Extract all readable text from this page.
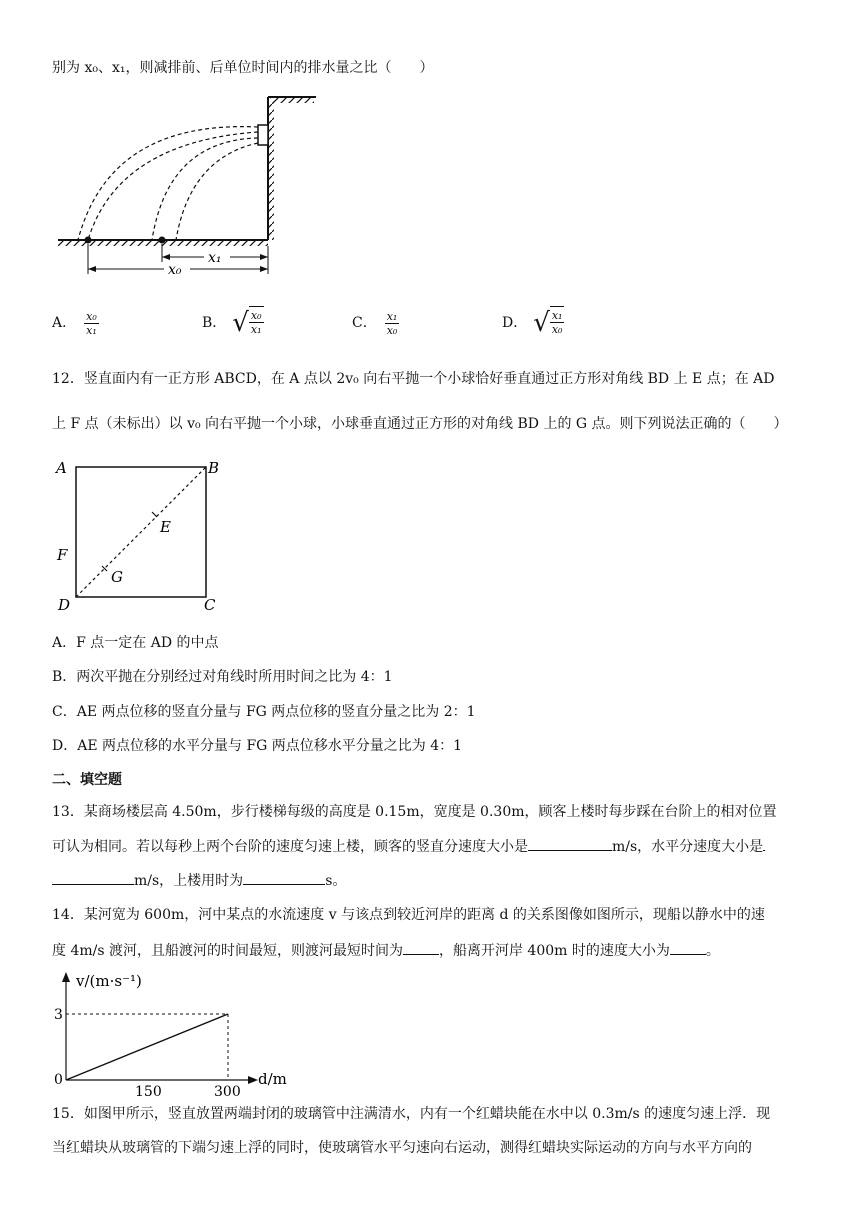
别为 x₀、x₁，则减排前、后单位时间内的排水量之比（　　）
x₁
x₀
A． $\frac{\text{x₀}}{\text{x₁}}$	B． √ $\frac{\text{x₀}}{\text{x₁}}$	C． $\frac{\text{x₁}}{\text{x₀}}$	D． √ $\frac{\text{x₁}}{\text{x₀}}$
12．竖直面内有一正方形 ABCD，在 A 点以 2v₀ 向右平抛一个小球恰好垂直通过正方形对角线 BD 上 E 点；在 AD
上 F 点（未标出）以 v₀ 向右平抛一个小球，小球垂直通过正方形的对角线 BD 上的 G 点。则下列说法正确的（　　）
A	B
C
D
E
F
G
A．F 点一定在 AD 的中点
B．两次平抛在分别经过对角线时所用时间之比为 4：1
C．AE 两点位移的竖直分量与 FG 两点位移的竖直分量之比为 2：1
D．AE 两点位移的水平分量与 FG 两点位移水平分量之比为 4：1
二、填空题
13．某商场楼层高 4.50m，步行楼梯每级的高度是 0.15m，宽度是 0.30m，顾客上楼时每步踩在台阶上的相对位置
可认为相同。若以每秒上两个台阶的速度匀速上楼，顾客的竖直分速度大小是	m/s，水平分速度大小是
m/s，上楼用时为	s。
14．某河宽为 600m，河中某点的水流速度 v 与该点到较近河岸的距离 d 的关系图像如图所示，现船以静水中的速
度 4m/s 渡河，且船渡河的时间最短，则渡河最短时间为	，船离开河岸 400m 时的速度大小为	。
v/(m·s⁻¹)
d/m
0
3
150	300
15．如图甲所示，竖直放置两端封闭的玻璃管中注满清水，内有一个红蜡块能在水中以 0.3m/s 的速度匀速上浮．现
当红蜡块从玻璃管的下端匀速上浮的同时，使玻璃管水平匀速向右运动，测得红蜡块实际运动的方向与水平方向的
